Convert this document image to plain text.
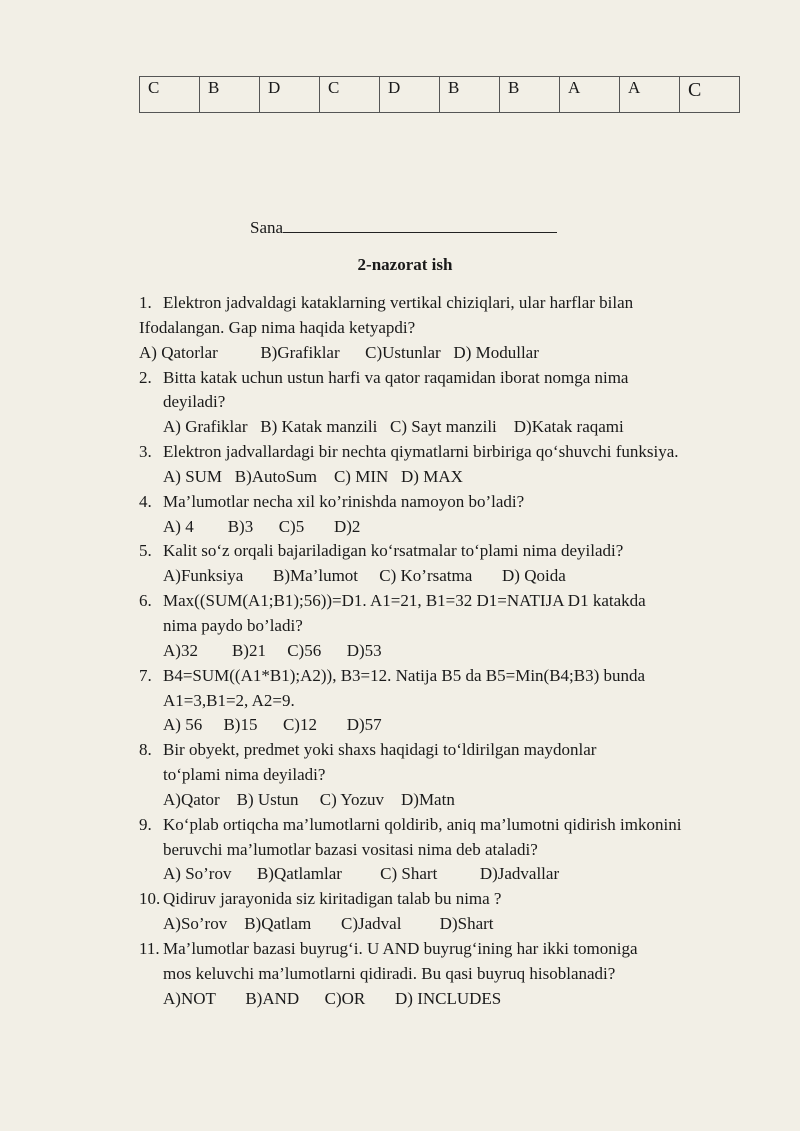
C	B	D	C	D	B	B	A	A	C
Sana
2-nazorat ish
1. Elektron jadvaldagi kataklarning vertikal chiziqlari, ular harflar bilan
Ifodalangan. Gap nima haqida ketyapdi?
A) Qatorlar          B)Grafiklar      C)Ustunlar   D) Modullar
2. Bitta katak uchun ustun harfi va qator raqamidan iborat nomga nima
deyiladi?
A) Grafiklar   B) Katak manzili   C) Sayt manzili    D)Katak raqami
3. Elektron jadvallardagi bir nechta qiymatlarni birbiriga qo‘shuvchi funksiya.
A) SUM   B)AutoSum    C) MIN   D) MAX
4. Ma’lumotlar necha xil ko’rinishda namoyon bo’ladi?
A) 4        B)3      C)5       D)2
5. Kalit so‘z orqali bajariladigan ko‘rsatmalar to‘plami nima deyiladi?
A)Funksiya       B)Ma’lumot     C) Ko’rsatma       D) Qoida
6. Max((SUM(A1;B1);56))=D1. A1=21, B1=32 D1=NATIJA D1 katakda
nima paydo bo’ladi?
A)32        B)21     C)56      D)53
7. B4=SUM((A1*B1);A2)), B3=12. Natija B5 da B5=Min(B4;B3) bunda
A1=3,B1=2, A2=9.
A) 56     B)15      C)12       D)57
8. Bir obyekt, predmet yoki shaxs haqidagi to‘ldirilgan maydonlar
to‘plami nima deyiladi?
A)Qator    B) Ustun     C) Yozuv    D)Matn
9. Ko‘plab ortiqcha ma’lumotlarni qoldirib, aniq ma’lumotni qidirish imkonini
beruvchi ma’lumotlar bazasi vositasi nima deb ataladi?
A) So’rov      B)Qatlamlar         C) Shart          D)Jadvallar
10. Qidiruv jarayonida siz kiritadigan talab bu nima ?
A)So’rov    B)Qatlam       C)Jadval         D)Shart
11. Ma’lumotlar bazasi buyrug‘i. U AND buyrug‘ining har ikki tomoniga
mos keluvchi ma’lumotlarni qidiradi. Bu qasi buyruq hisoblanadi?
A)NOT       B)AND      C)OR       D) INCLUDES
